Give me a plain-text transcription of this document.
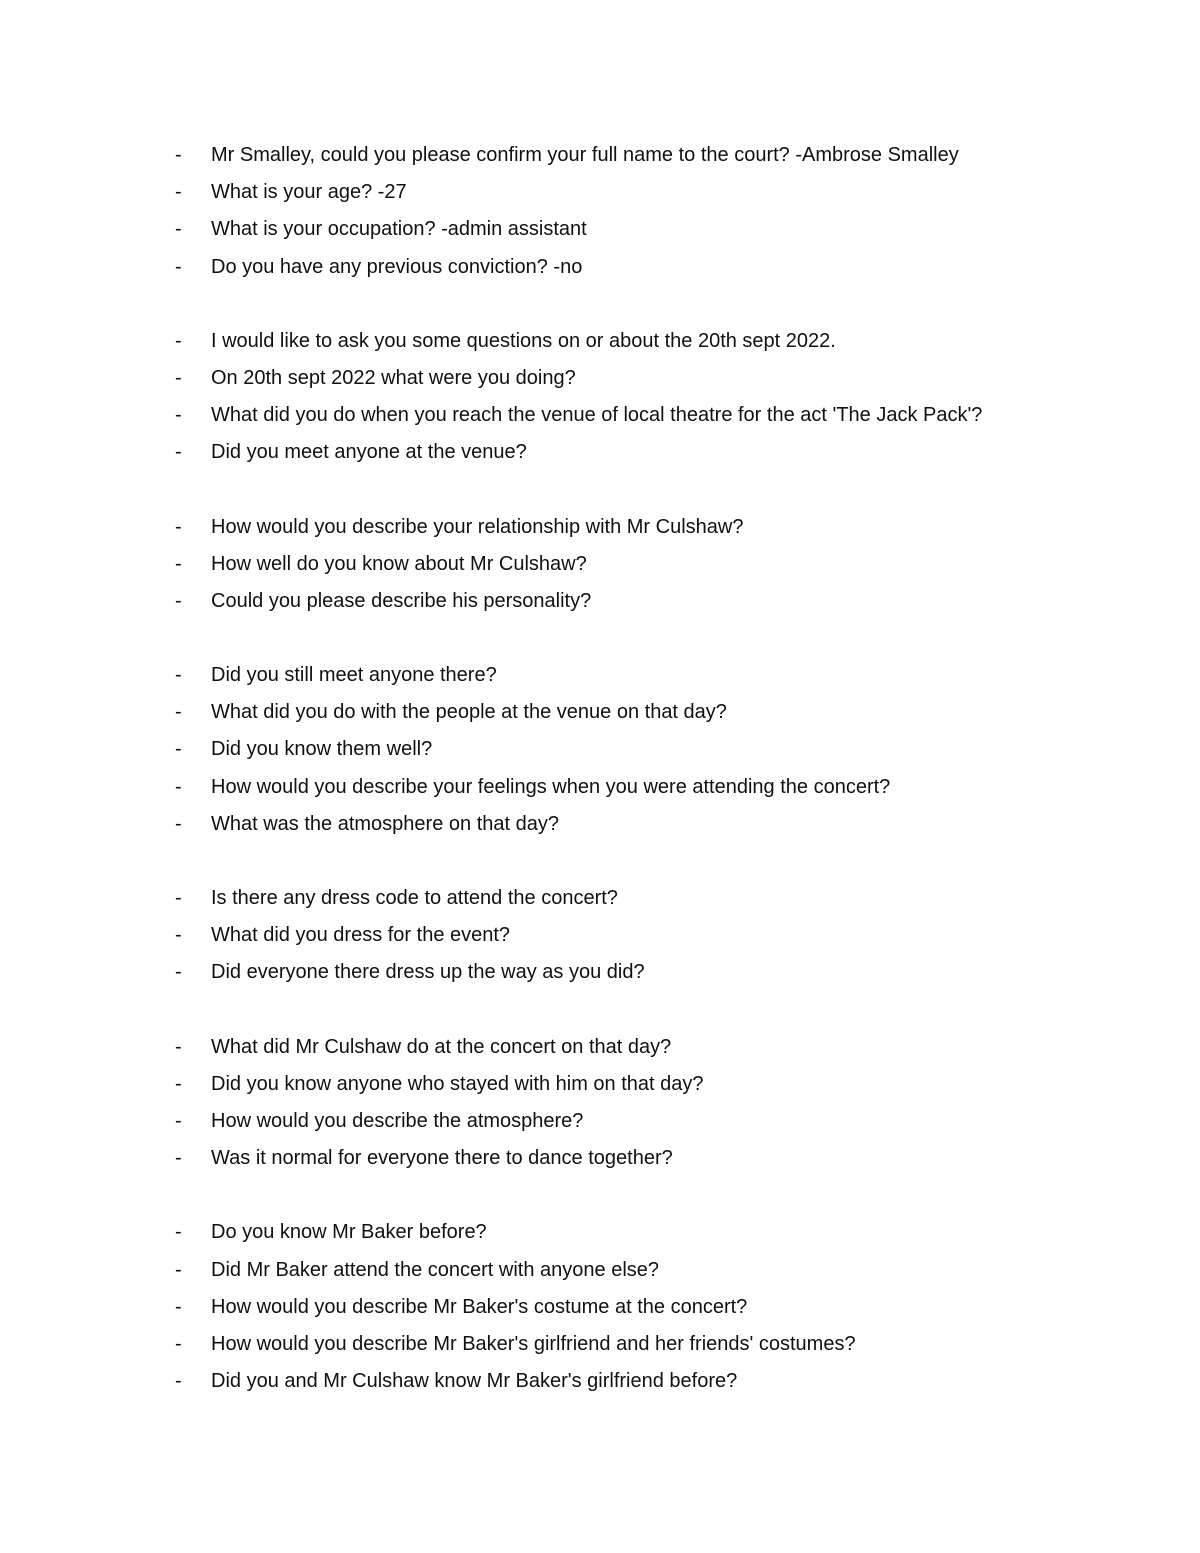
-	Mr Smalley, could you please confirm your full name to the court? -Ambrose Smalley
-	What is your age? -27
-	What is your occupation? -admin assistant
-	Do you have any previous conviction? -no
-	I would like to ask you some questions on or about the 20th sept 2022.
-	On 20th sept 2022 what were you doing?
-	What did you do when you reach the venue of local theatre for the act 'The Jack Pack'?
-	Did you meet anyone at the venue?
-	How would you describe your relationship with Mr Culshaw?
-	How well do you know about Mr Culshaw?
-	Could you please describe his personality?
-	Did you still meet anyone there?
-	What did you do with the people at the venue on that day?
-	Did you know them well?
-	How would you describe your feelings when you were attending the concert?
-	What was the atmosphere on that day?
-	Is there any dress code to attend the concert?
-	What did you dress for the event?
-	Did everyone there dress up the way as you did?
-	What did Mr Culshaw do at the concert on that day?
-	Did you know anyone who stayed with him on that day?
-	How would you describe the atmosphere?
-	Was it normal for everyone there to dance together?
-	Do you know Mr Baker before?
-	Did Mr Baker attend the concert with anyone else?
-	How would you describe Mr Baker's costume at the concert?
-	How would you describe Mr Baker's girlfriend and her friends' costumes?
-	Did you and Mr Culshaw know Mr Baker's girlfriend before?
